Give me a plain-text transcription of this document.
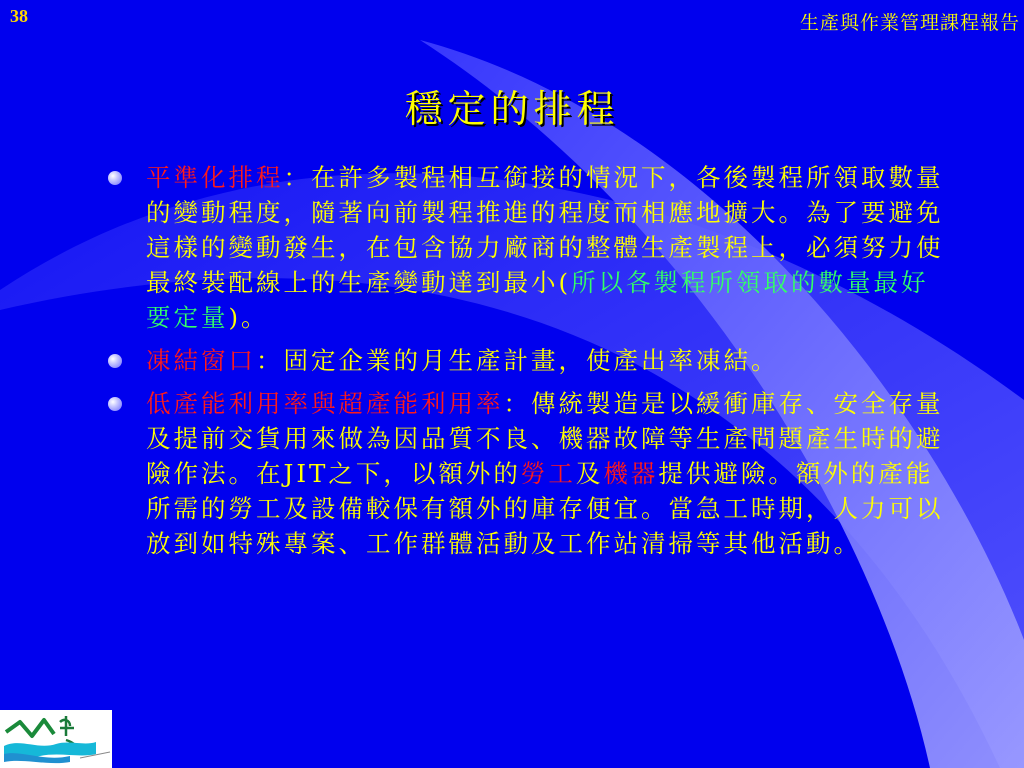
38	生產與作業管理課程報告
穩定的排程
平準化排程：在許多製程相互銜接的情況下，各後製程所領取數量的變動程度，隨著向前製程推進的程度而相應地擴大。為了要避免這樣的變動發生，在包含協力廠商的整體生產製程上，必須努力使最終裝配線上的生產變動達到最小(所以各製程所領取的數量最好要定量)。
凍結窗口：固定企業的月生產計畫，使產出率凍結。
低產能利用率與超產能利用率：傳統製造是以緩衝庫存、安全存量及提前交貨用來做為因品質不良、機器故障等生產問題產生時的避險作法。在JIT之下，以額外的勞工及機器提供避險。額外的產能所需的勞工及設備較保有額外的庫存便宜。當急工時期，人力可以放到如特殊專案、工作群體活動及工作站清掃等其他活動。
